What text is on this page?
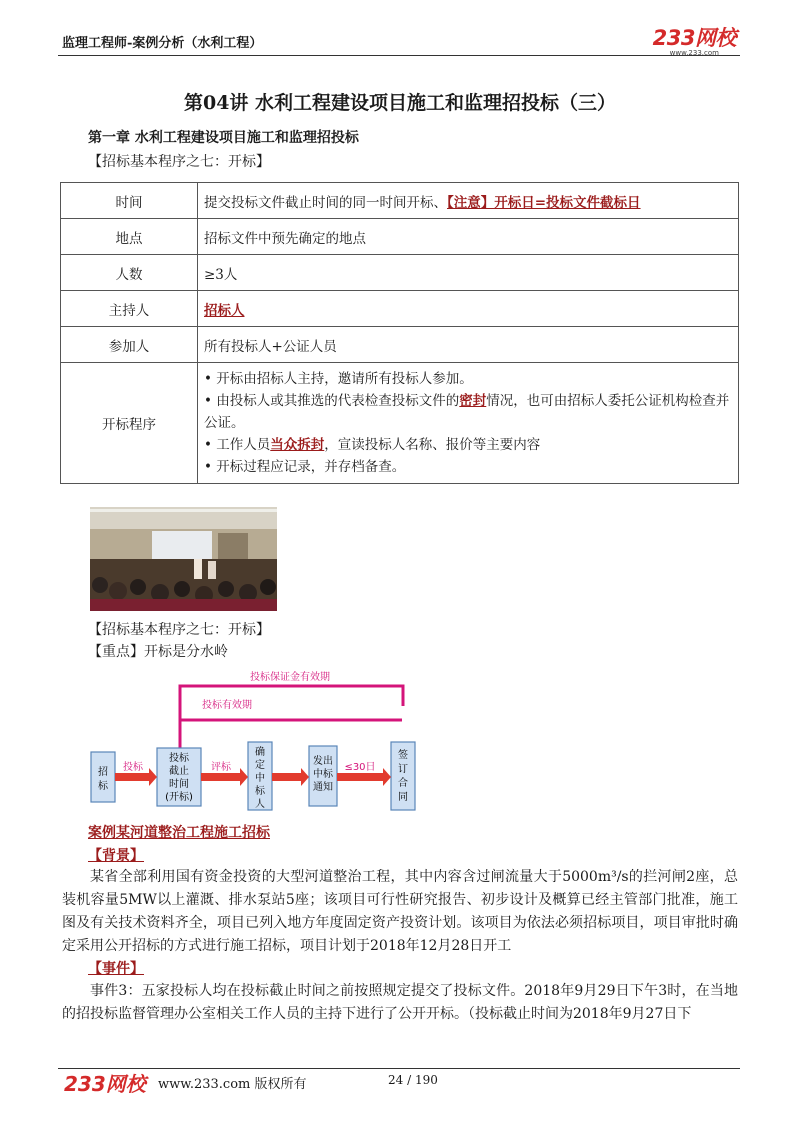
监理工程师-案例分析（水利工程）	233网校
www.233.com
第04讲 水利工程建设项目施工和监理招投标（三）
第一章 水利工程建设项目施工和监理招投标
【招标基本程序之七：开标】
时间	提交投标文件截止时间的同一时间开标、【注意】开标日=投标文件截标日
地点	招标文件中预先确定的地点
人数	≥3人
主持人	招标人
参加人	所有投标人+公证人员
开标程序	• 开标由招标人主持，邀请所有投标人参加。
• 由投标人或其推选的代表检查投标文件的密封情况，也可由招标人委托公证机构检查并公证。
• 工作人员当众拆封，宣读投标人名称、报价等主要内容
• 开标过程应记录，并存档备查。
【招标基本程序之七：开标】
【重点】开标是分水岭
投标保证金有效期
投标有效期
招
标
投标
截止
时间
(开标)
确
定
中
标
人
发出
中标
通知
签
订
合
同
投标	评标	≤30日
案例某河道整治工程施工招标
【背景】
某省全部利用国有资金投资的大型河道整治工程，其中内容含过闸流量大于5000m³/s的拦河闸2座，总装机容量5MW以上灌溉、排水泵站5座；该项目可行性研究报告、初步设计及概算已经主管部门批准，施工图及有关技术资料齐全，项目已列入地方年度固定资产投资计划。该项目为依法必须招标项目，项目审批时确定采用公开招标的方式进行施工招标，项目计划于2018年12月28日开工
【事件】
事件3：五家投标人均在投标截止时间之前按照规定提交了投标文件。2018年9月29日下午3时，在当地的招投标监督管理办公室相关工作人员的主持下进行了公开开标。（投标截止时间为2018年9月27日下
233网校 www.233.com 版权所有	24 / 190
